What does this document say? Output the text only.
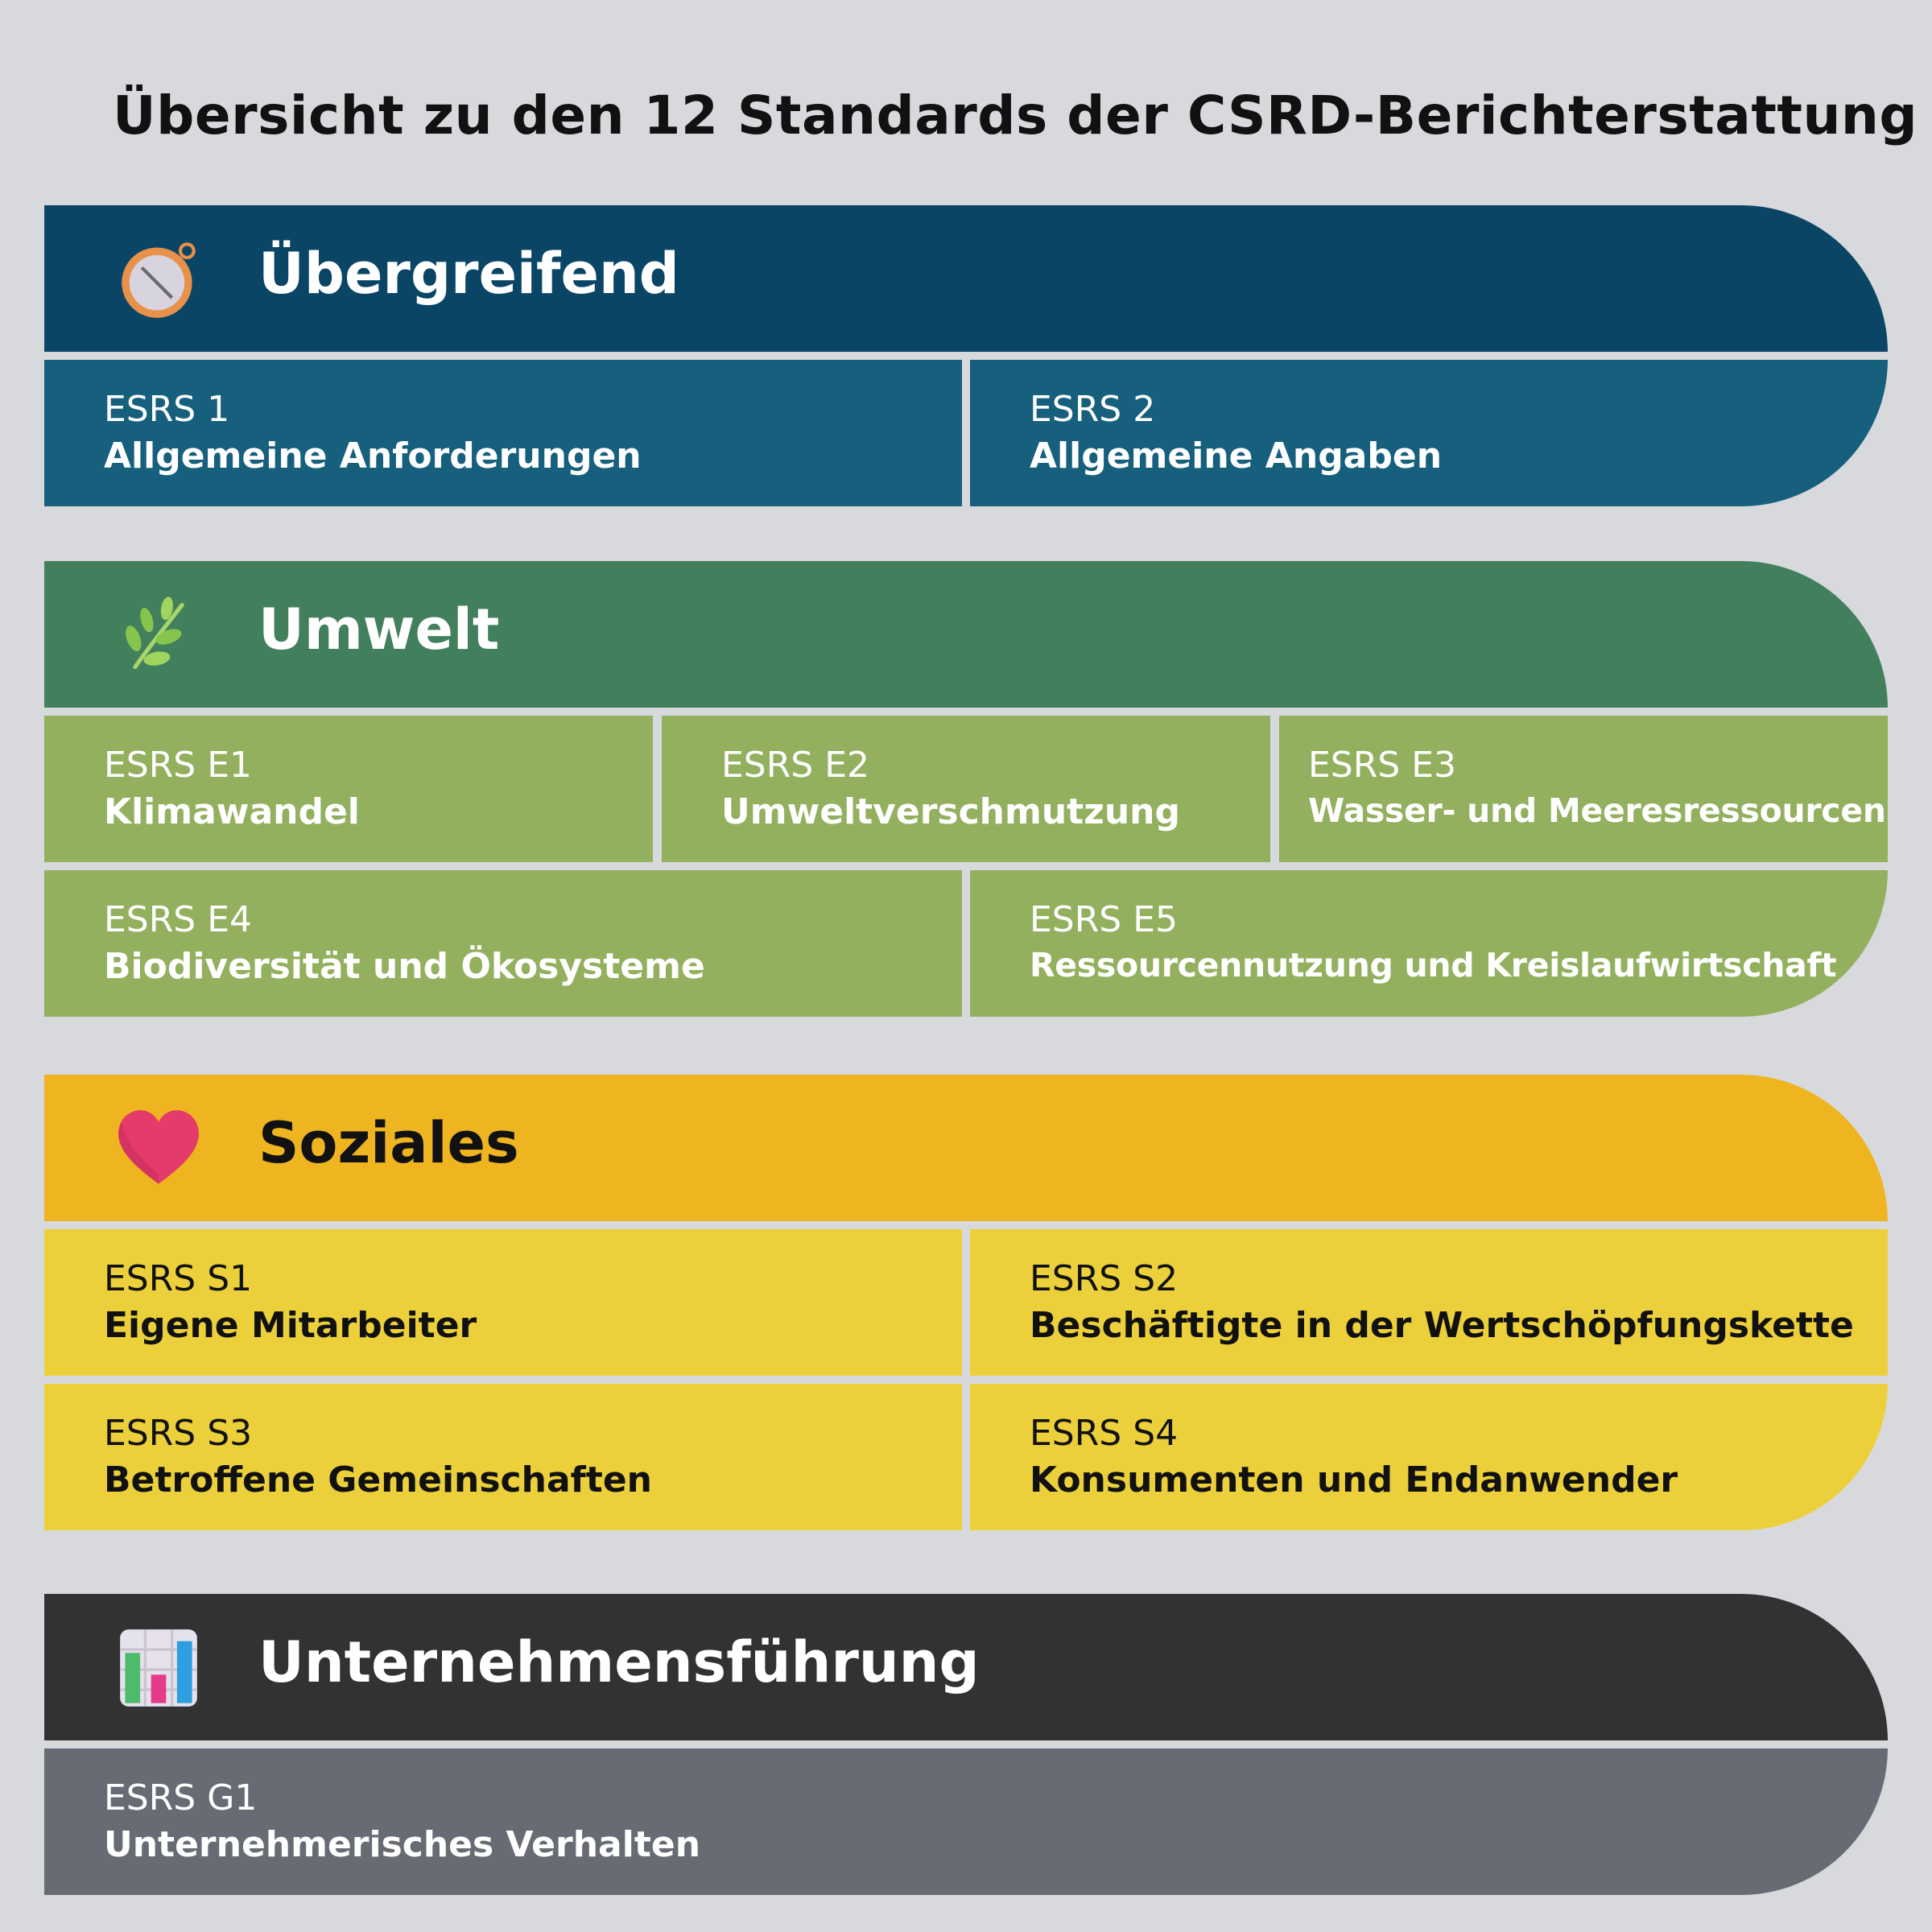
Übersicht zu den 12 Standards der CSRD-Berichterstattung
Übergreifend
ESRS 1
Allgemeine Anforderungen
ESRS 2
Allgemeine Angaben
Umwelt
ESRS E1
Klimawandel
ESRS E2
Umweltverschmutzung
ESRS E3
Wasser- und Meeresressourcen
ESRS E4
Biodiversität und Ökosysteme
ESRS E5
Ressourcennutzung und Kreislaufwirtschaft
Soziales
ESRS S1
Eigene Mitarbeiter
ESRS S2
Beschäftigte in der Wertschöpfungskette
ESRS S3
Betroffene Gemeinschaften
ESRS S4
Konsumenten und Endanwender
Unternehmensführung
ESRS G1
Unternehmerisches Verhalten
